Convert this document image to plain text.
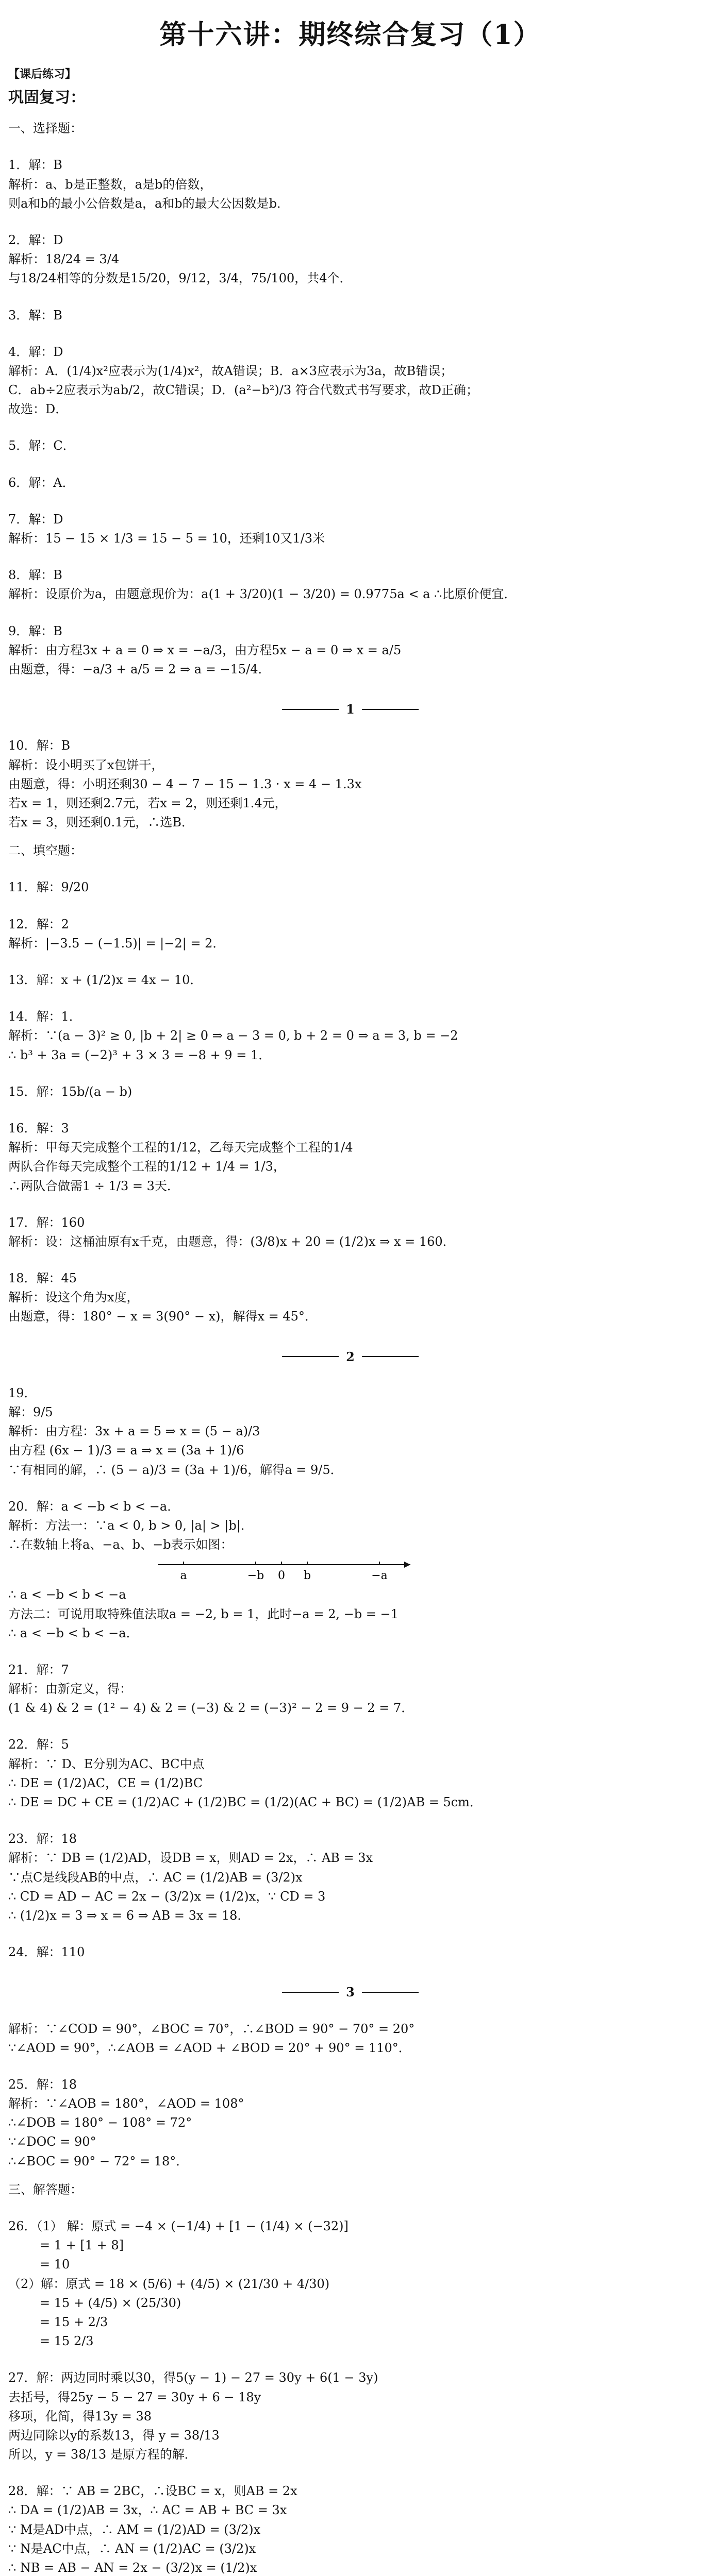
第十六讲：期终综合复习（1）
【课后练习】
巩固复习：
一、选择题：
1．解：B
解析：a、b是正整数，a是b的倍数，
则a和b的最小公倍数是a，a和b的最大公因数是b．
2．解：D
解析：18/24 = 3/4
与18/24相等的分数是15/20，9/12，3/4，75/100，共4个．
3．解：B
4．解：D
解析：A．(1/4)x²应表示为(1/4)x²，故A错误；B．a×3应表示为3a，故B错误；
C．ab÷2应表示为ab/2，故C错误；D．(a²−b²)/3 符合代数式书写要求，故D正确；
故选：D．
5．解：C．
6．解：A．
7．解：D
解析：15 − 15 × 1/3 = 15 − 5 = 10，还剩10又1/3米
8．解：B
解析：设原价为a，由题意现价为：a(1 + 3/20)(1 − 3/20) = 0.9775a < a ∴比原价便宜．
9．解：B
解析：由方程3x + a = 0 ⇒ x = −a/3，由方程5x − a = 0 ⇒ x = a/5
由题意，得：−a/3 + a/5 = 2 ⇒ a = −15/4．
1
10．解：B
解析：设小明买了x包饼干，
由题意，得：小明还剩30 − 4 − 7 − 15 − 1.3 · x = 4 − 1.3x
若x = 1，则还剩2.7元，若x = 2，则还剩1.4元，
若x = 3，则还剩0.1元，∴选B．
二、填空题：
11．解：9/20
12．解：2
解析：|−3.5 − (−1.5)| = |−2| = 2．
13．解：x + (1/2)x = 4x − 10．
14．解：1．
解析：∵(a − 3)² ≥ 0, |b + 2| ≥ 0 ⇒ a − 3 = 0, b + 2 = 0 ⇒ a = 3, b = −2
∴ b³ + 3a = (−2)³ + 3 × 3 = −8 + 9 = 1．
15．解：15b/(a − b)
16．解：3
解析：甲每天完成整个工程的1/12，乙每天完成整个工程的1/4
两队合作每天完成整个工程的1/12 + 1/4 = 1/3，
∴两队合做需1 ÷ 1/3 = 3天．
17．解：160
解析：设：这桶油原有x千克，由题意，得：(3/8)x + 20 = (1/2)x ⇒ x = 160．
18．解：45
解析：设这个角为x度，
由题意，得：180° − x = 3(90° − x)，解得x = 45°．
2
19．
解：9/5
解析：由方程：3x + a = 5 ⇒ x = (5 − a)/3
由方程 (6x − 1)/3 = a ⇒ x = (3a + 1)/6
∵有相同的解，∴ (5 − a)/3 = (3a + 1)/6，解得a = 9/5．
20．解：a < −b < b < −a．
解析：方法一：∵a < 0, b > 0, |a| > |b|．
∴在数轴上将a、−a、b、−b表示如图：
a	−b 0 b	−a
∴ a < −b < b < −a
方法二：可说用取特殊值法取a = −2, b = 1，此时−a = 2, −b = −1
∴ a < −b < b < −a．
21．解：7
解析：由新定义，得：
(1 & 4) & 2 = (1² − 4) & 2 = (−3) & 2 = (−3)² − 2 = 9 − 2 = 7．
22．解：5
解析：∵ D、E分别为AC、BC中点
∴ DE = (1/2)AC，CE = (1/2)BC
∴ DE = DC + CE = (1/2)AC + (1/2)BC = (1/2)(AC + BC) = (1/2)AB = 5cm．
23．解：18
解析：∵ DB = (1/2)AD，设DB = x，则AD = 2x，∴ AB = 3x
∵点C是线段AB的中点，∴ AC = (1/2)AB = (3/2)x
∴ CD = AD − AC = 2x − (3/2)x = (1/2)x，∵ CD = 3
∴ (1/2)x = 3 ⇒ x = 6 ⇒ AB = 3x = 18．
24．解：110
3
解析：∵∠COD = 90°，∠BOC = 70°，∴∠BOD = 90° − 70° = 20°
∵∠AOD = 90°，∴∠AOB = ∠AOD + ∠BOD = 20° + 90° = 110°．
25．解：18
解析：∵∠AOB = 180°，∠AOD = 108°
∴∠DOB = 180° − 108° = 72°
∵∠DOC = 90°
∴∠BOC = 90° − 72° = 18°．
三、解答题：
26．（1） 解：原式 = −4 × (−1/4) + [1 − (1/4) × (−32)]
= 1 + [1 + 8]
= 10
（2）解：原式 = 18 × (5/6) + (4/5) × (21/30 + 4/30)
= 15 + (4/5) × (25/30)
= 15 + 2/3
= 15 2/3
27．解：两边同时乘以30，得5(y − 1) − 27 = 30y + 6(1 − 3y)
去括号，得25y − 5 − 27 = 30y + 6 − 18y
移项，化简，得13y = 38
两边同除以y的系数13，得 y = 38/13
所以，y = 38/13 是原方程的解．
28．解：∵ AB = 2BC，∴设BC = x，则AB = 2x
∴ DA = (1/2)AB = 3x，∴ AC = AB + BC = 3x
∵ M是AD中点，∴ AM = (1/2)AD = (3/2)x
∵ N是AC中点，∴ AN = (1/2)AC = (3/2)x
∴ NB = AB − AN = 2x − (3/2)x = (1/2)x
